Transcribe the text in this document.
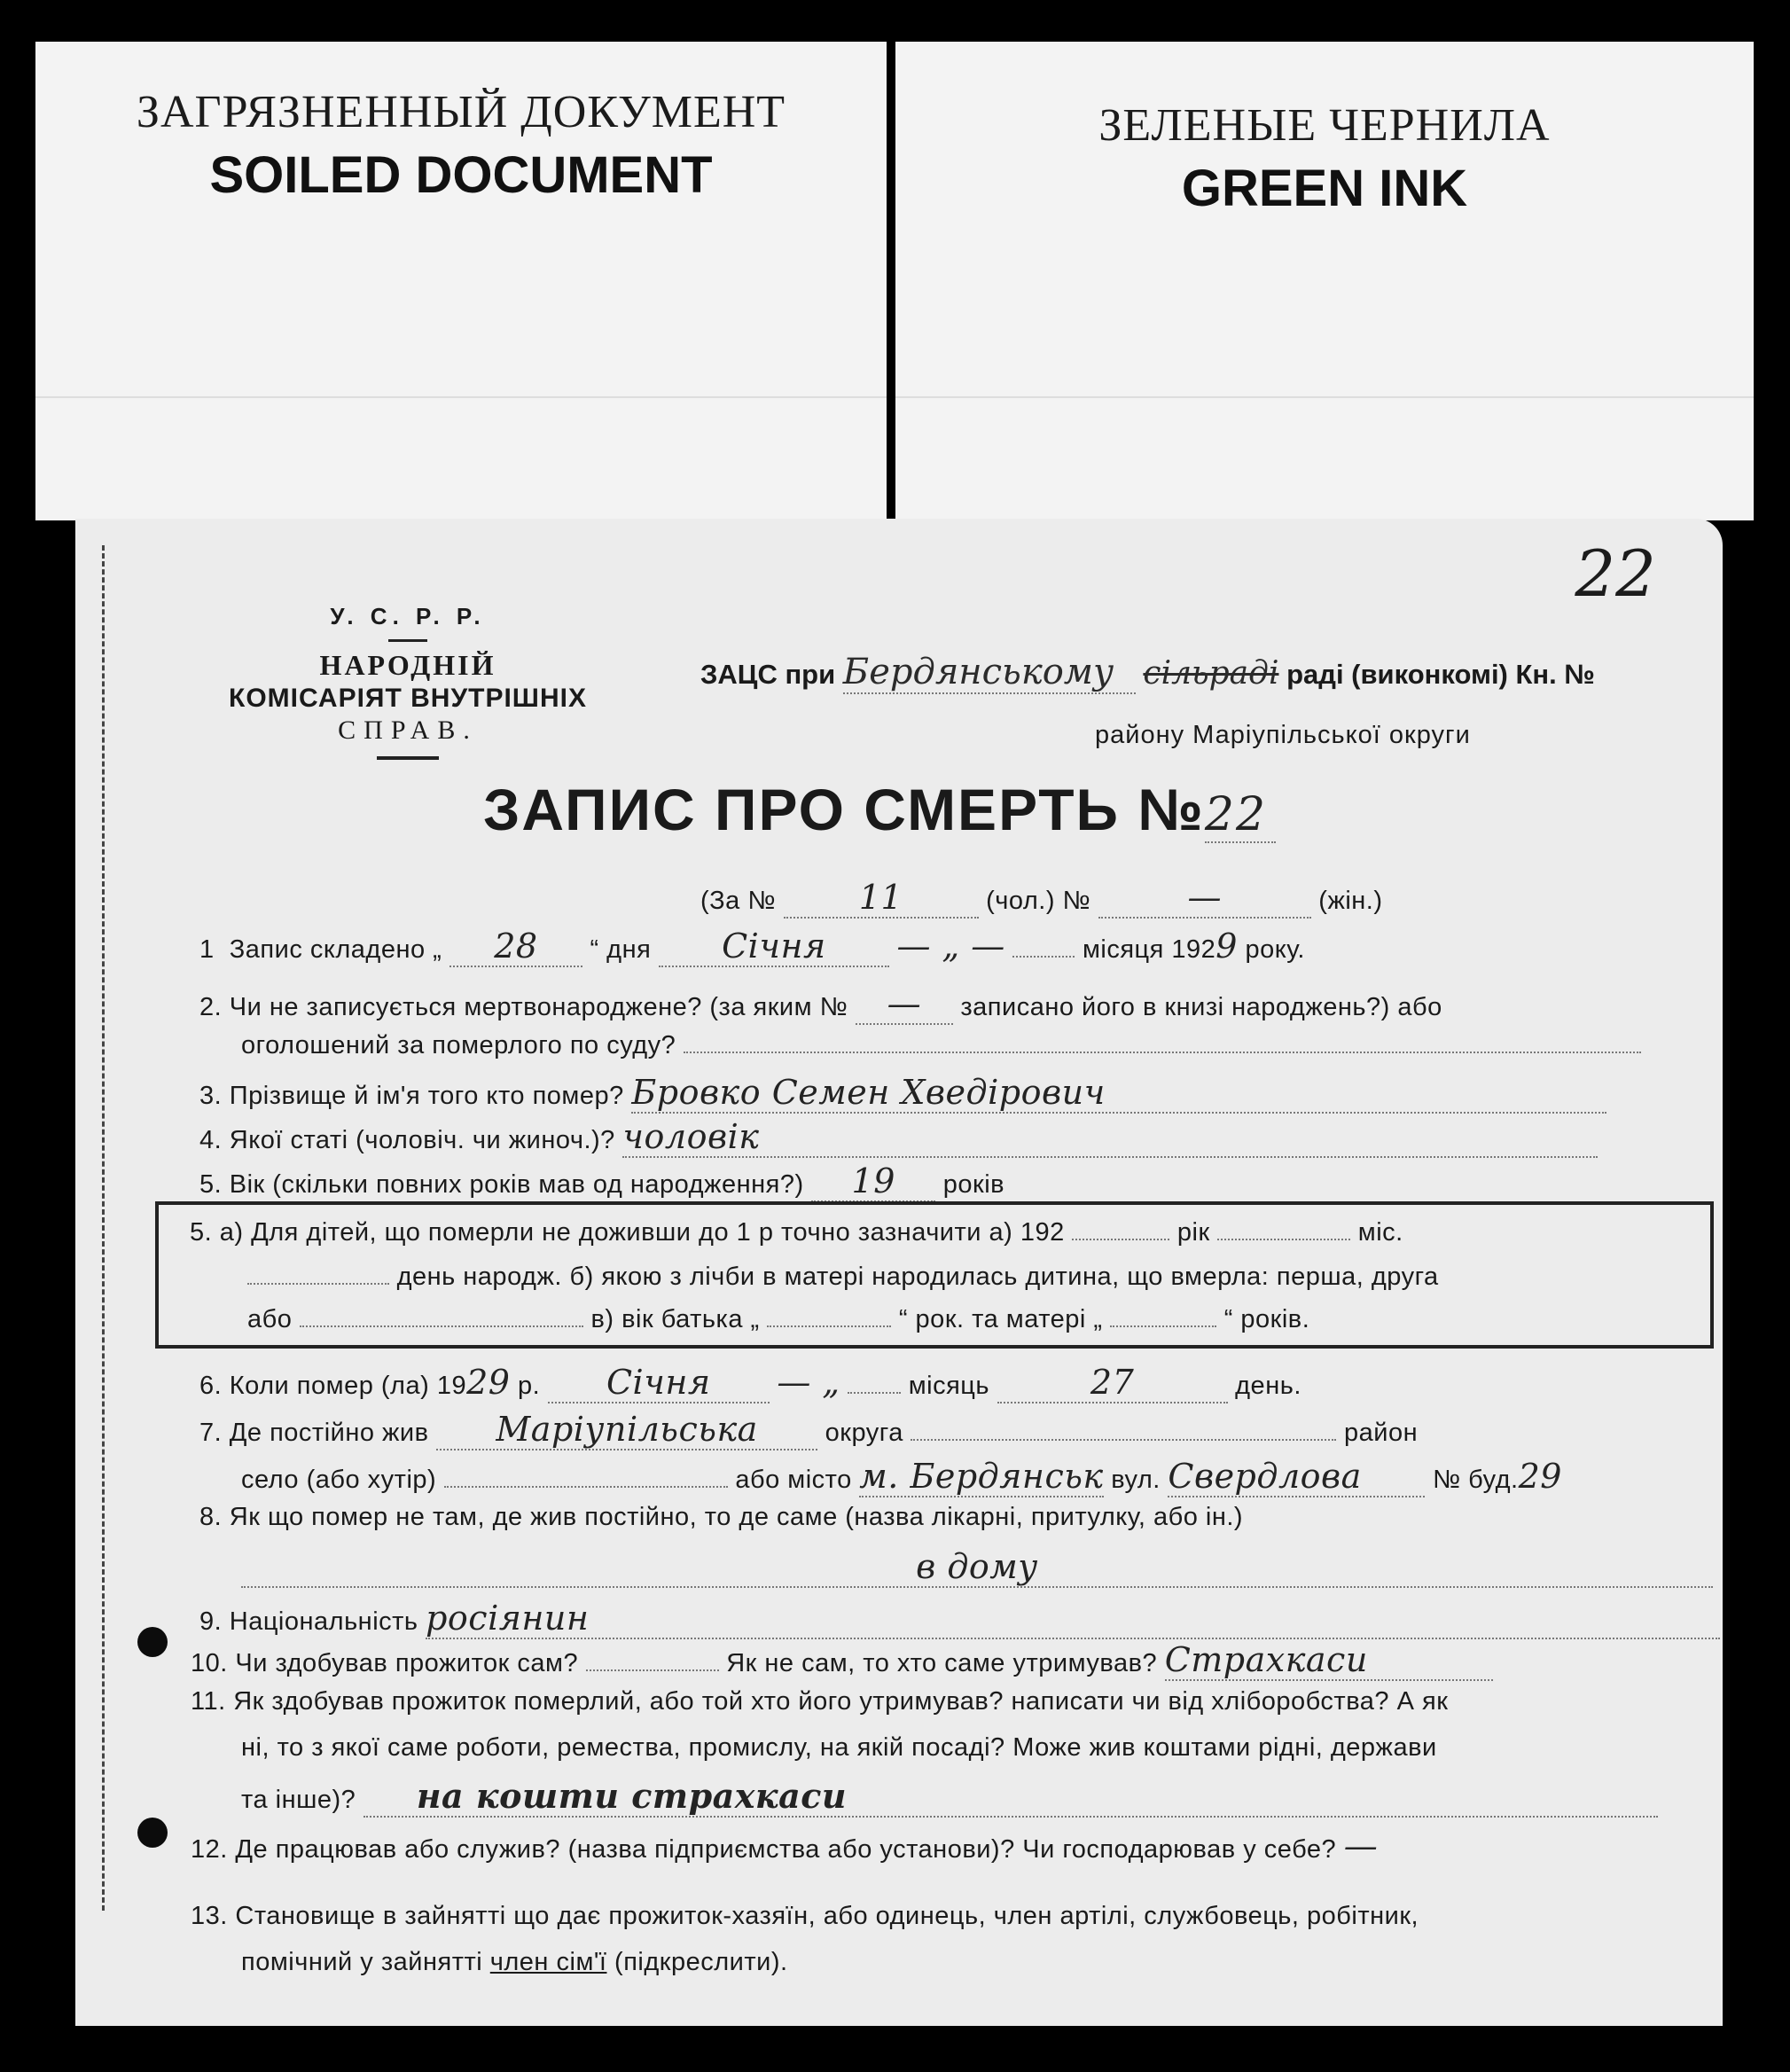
ЗАГРЯЗНЕННЫЙ ДОКУМЕНТ
SOILED DOCUMENT
ЗЕЛЕНЫЕ ЧЕРНИЛА
GREEN INK
22
У. С. Р. Р.
НАРОДНІЙ
КОМІСАРІЯТ ВНУТРІШНІХ
СПРАВ.
ЗАЦС при Бердянському сільраді раді (виконкомі) Кн. №
району Маріупільської округи
ЗАПИС ПРО СМЕРТЬ №22
(За № 11	(чол.) №	—	(жін.)
1 Запис складено „ 28 “ дня Січня — „ —	місяця 1929 року.
2. Чи не записується мертвонароджене? (за яким № — записано його в книзі народжень?) або
оголошений за померлого по суду?
3. Прізвище й ім'я того кто помер? Бровко Семен Хведірович
4. Якої статі (чоловіч. чи жиноч.)? чоловік
5. Вік (скільки повних років мав од народження?) 19 років
5. а) Для дітей, що померли не доживши до 1 р точно зазначити а) 192	рік	міс.
день народж. б) якою з лічби в матері народилась дитина, що вмерла: перша, друга
або	в) вік батька „	“ рок. та матері „	“ років.
6. Коли помер (ла) 1929 р. Січня — „	місяць	27	день.
7. Де постійно жив Маріупільська	округа	район
село (або хутір)	або місто м. Бердянськ вул. Свердлова	№ буд.29
8. Як що помер не там, де жив постійно, то де саме (назва лікарні, притулку, або ін.)
в дому
9. Національність росіянин
10. Чи здобував прожиток сам?	Як не сам, то хто саме утримував? Страхкаси
11. Як здобував прожиток померлий, або той хто його утримував? написати чи від хліборобства? А як
ні, то з якої саме роботи, ремества, промислу, на якій посаді? Може жив коштами рідні, держави
та інше)? на кошти страхкаси
12. Де працював або служив? (назва підприємства або установи)? Чи господарював у себе? —
13. Становище в зайнятті що дає прожиток-хазяїн, або одинець, член артілі, службовець, робітник,
помічний у зайнятті член сім'ї (підкреслити).
